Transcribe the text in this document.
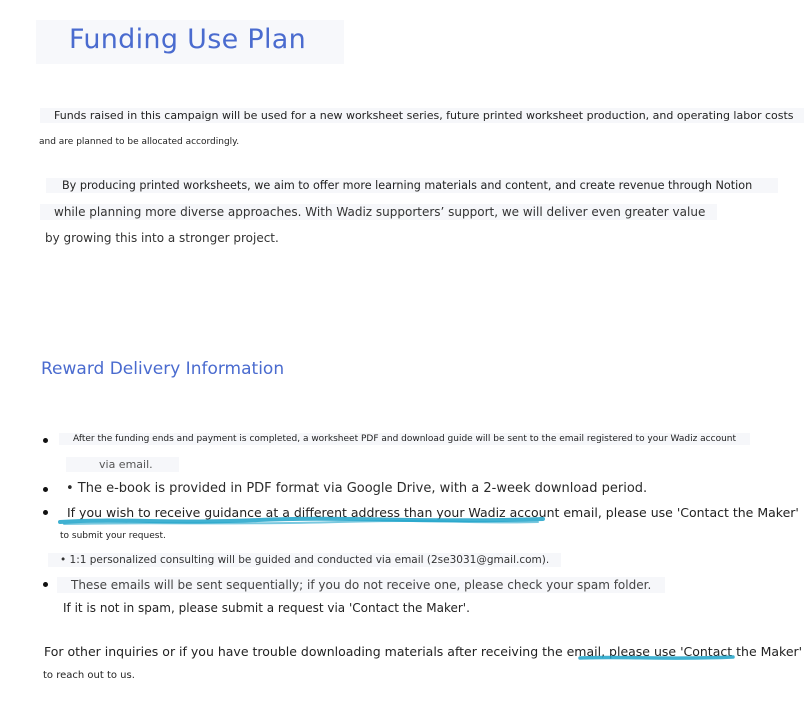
Funding Use Plan
Funds raised in this campaign will be used for a new worksheet series, future printed worksheet production, and operating labor costs
and are planned to be allocated accordingly.
By producing printed worksheets, we aim to offer more learning materials and content, and create revenue through Notion
while planning more diverse approaches. With Wadiz supporters’ support, we will deliver even greater value
by growing this into a stronger project.
Reward Delivery Information
After the funding ends and payment is completed, a worksheet PDF and download guide will be sent to the email registered to your Wadiz account
via email.
• The e-book is provided in PDF format via Google Drive, with a 2-week download period.
If you wish to receive guidance at a different address than your Wadiz account email, please use 'Contact the Maker'
to submit your request.
• 1:1 personalized consulting will be guided and conducted via email (2se3031@gmail.com).
These emails will be sent sequentially; if you do not receive one, please check your spam folder.
If it is not in spam, please submit a request via 'Contact the Maker'.
For other inquiries or if you have trouble downloading materials after receiving the email, please use 'Contact the Maker'
to reach out to us.
